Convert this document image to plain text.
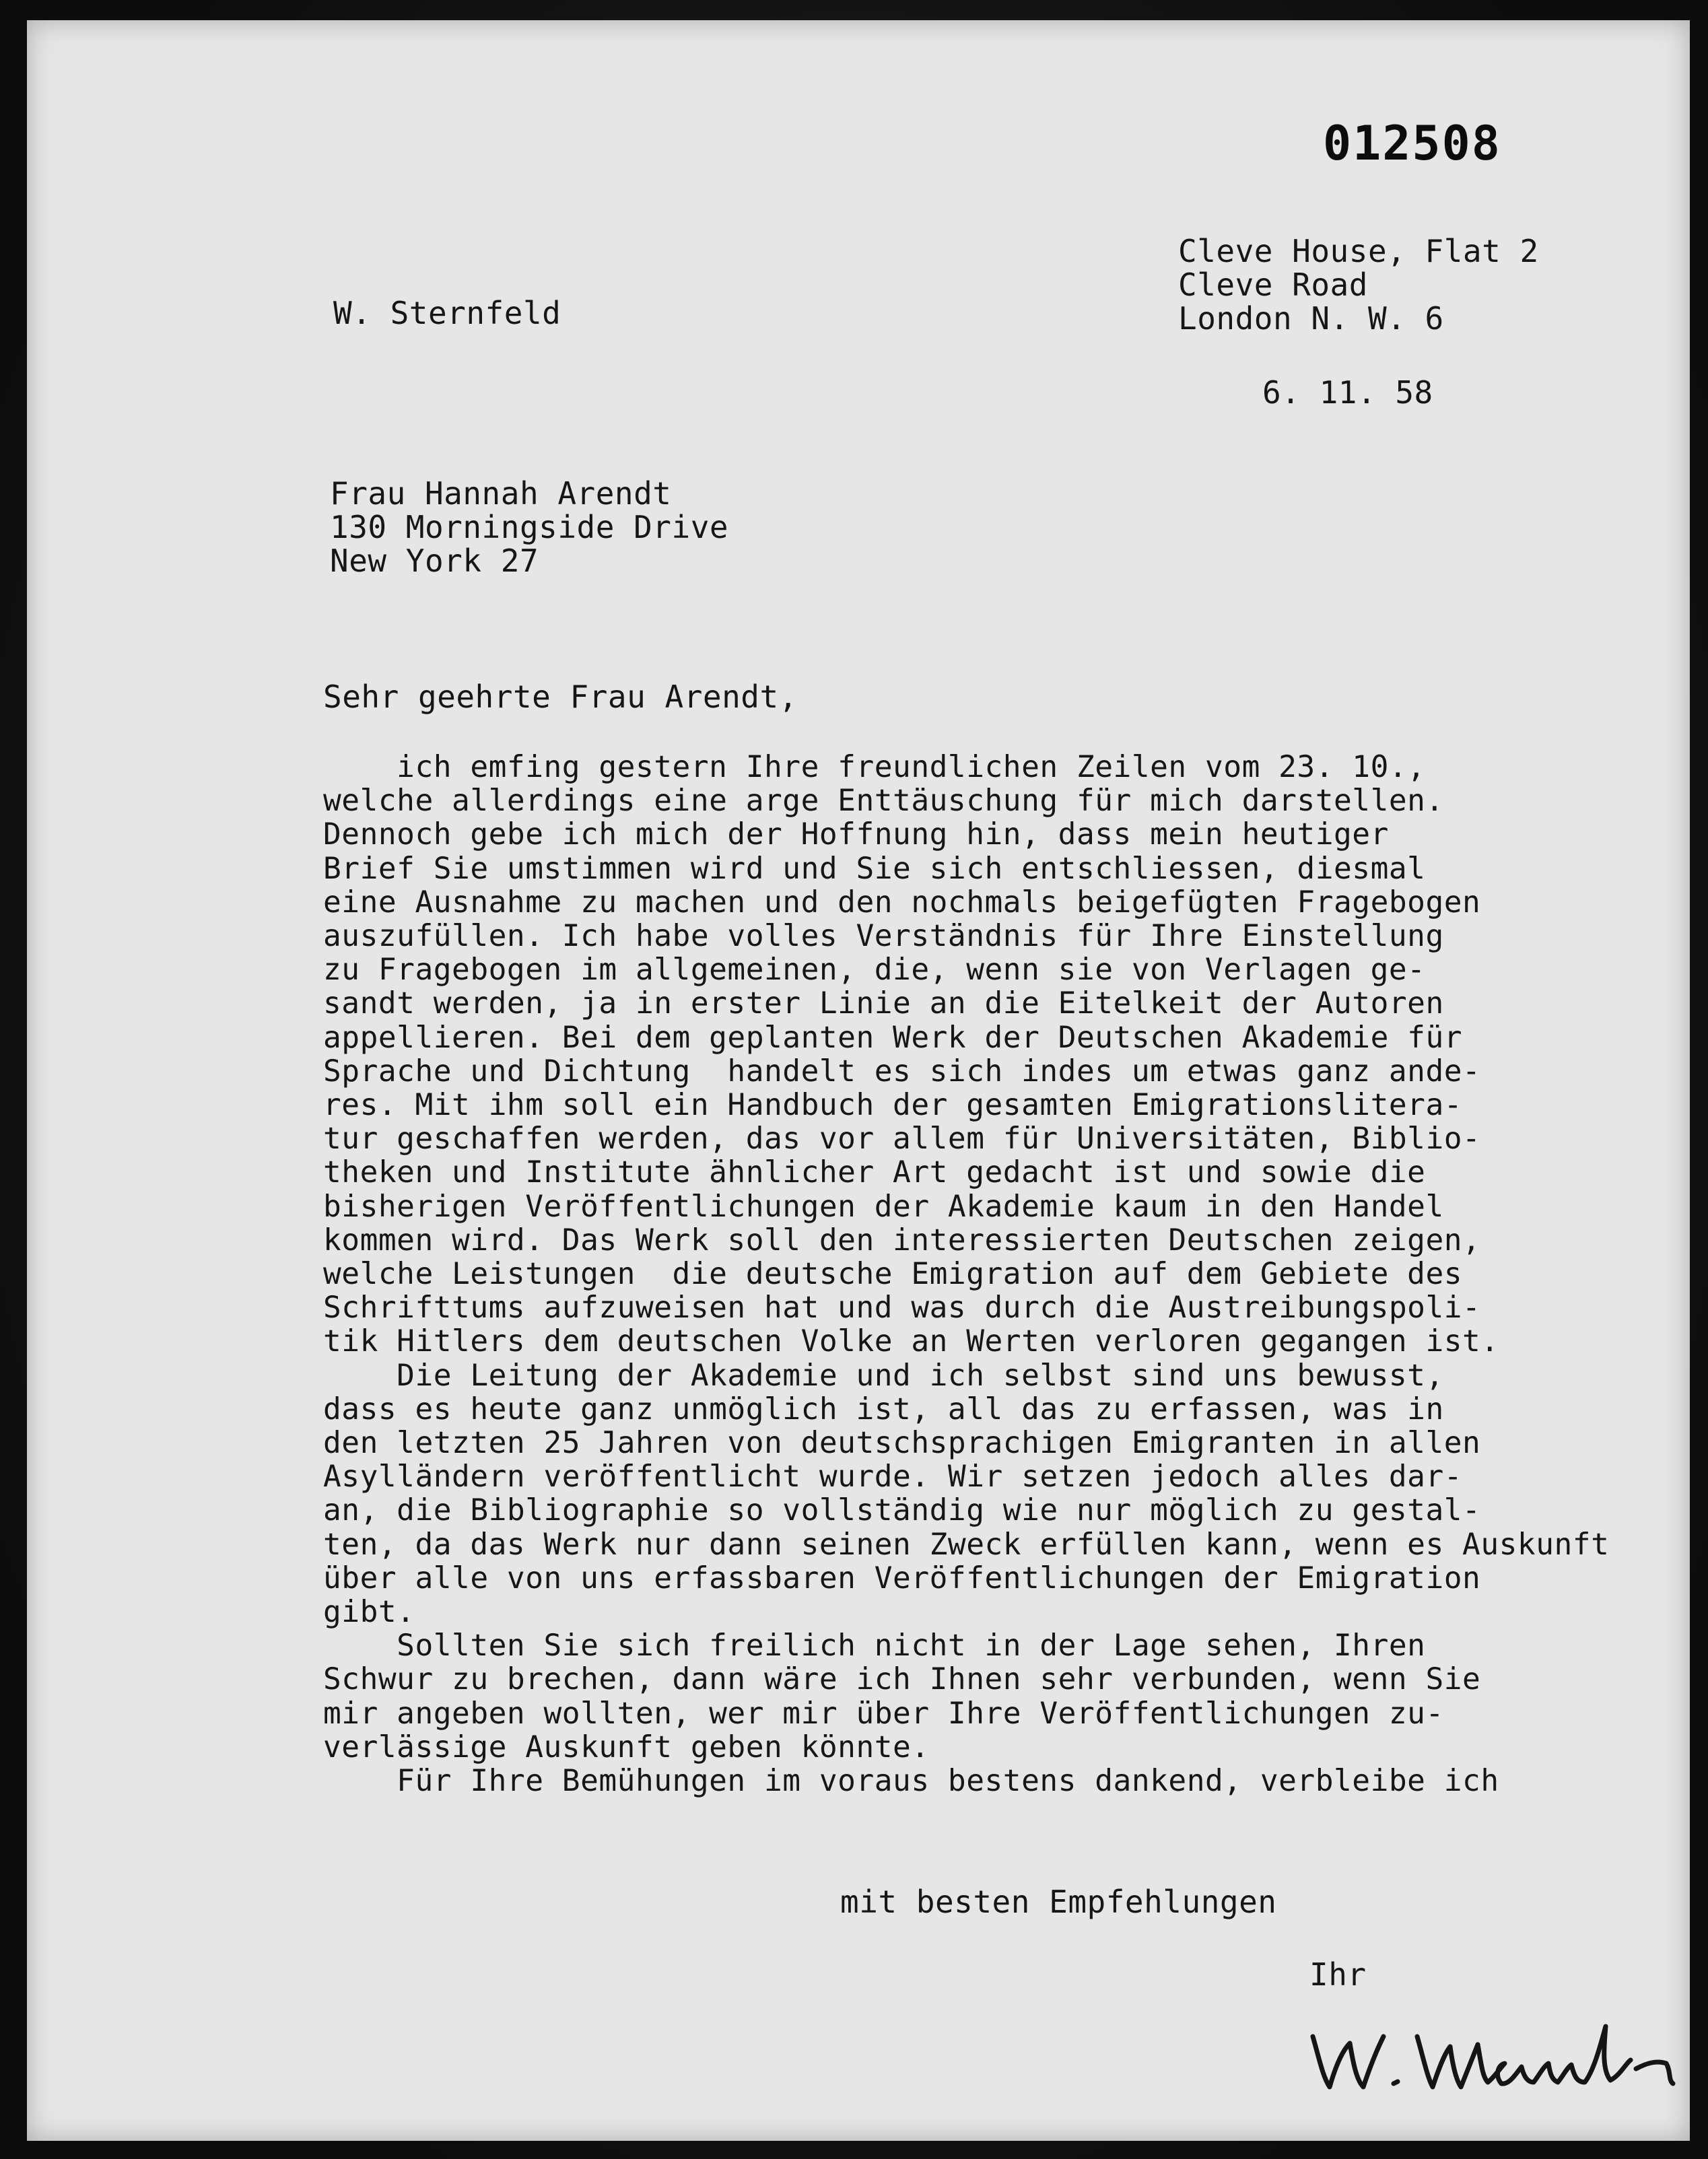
012508
Cleve House, Flat 2
Cleve Road
London N. W. 6
W. Sternfeld
6. 11. 58
Frau Hannah Arendt
130 Morningside Drive
New York 27
Sehr geehrte Frau Arendt,
ich emfing gestern Ihre freundlichen Zeilen vom 23. 10.,
welche allerdings eine arge Enttäuschung für mich darstellen.
Dennoch gebe ich mich der Hoffnung hin, dass mein heutiger
Brief Sie umstimmen wird und Sie sich entschliessen, diesmal
eine Ausnahme zu machen und den nochmals beigefügten Fragebogen
auszufüllen. Ich habe volles Verständnis für Ihre Einstellung
zu Fragebogen im allgemeinen, die, wenn sie von Verlagen ge-
sandt werden, ja in erster Linie an die Eitelkeit der Autoren
appellieren. Bei dem geplanten Werk der Deutschen Akademie für
Sprache und Dichtung  handelt es sich indes um etwas ganz ande-
res. Mit ihm soll ein Handbuch der gesamten Emigrationslitera-
tur geschaffen werden, das vor allem für Universitäten, Biblio-
theken und Institute ähnlicher Art gedacht ist und sowie die
bisherigen Veröffentlichungen der Akademie kaum in den Handel
kommen wird. Das Werk soll den interessierten Deutschen zeigen,
welche Leistungen  die deutsche Emigration auf dem Gebiete des
Schrifttums aufzuweisen hat und was durch die Austreibungspoli-
tik Hitlers dem deutschen Volke an Werten verloren gegangen ist.
Die Leitung der Akademie und ich selbst sind uns bewusst,
dass es heute ganz unmöglich ist, all das zu erfassen, was in
den letzten 25 Jahren von deutschsprachigen Emigranten in allen
Asylländern veröffentlicht wurde. Wir setzen jedoch alles dar-
an, die Bibliographie so vollständig wie nur möglich zu gestal-
ten, da das Werk nur dann seinen Zweck erfüllen kann, wenn es Auskunft
über alle von uns erfassbaren Veröffentlichungen der Emigration
gibt.
Sollten Sie sich freilich nicht in der Lage sehen, Ihren
Schwur zu brechen, dann wäre ich Ihnen sehr verbunden, wenn Sie
mir angeben wollten, wer mir über Ihre Veröffentlichungen zu-
verlässige Auskunft geben könnte.
Für Ihre Bemühungen im voraus bestens dankend, verbleibe ich
mit besten Empfehlungen
Ihr
